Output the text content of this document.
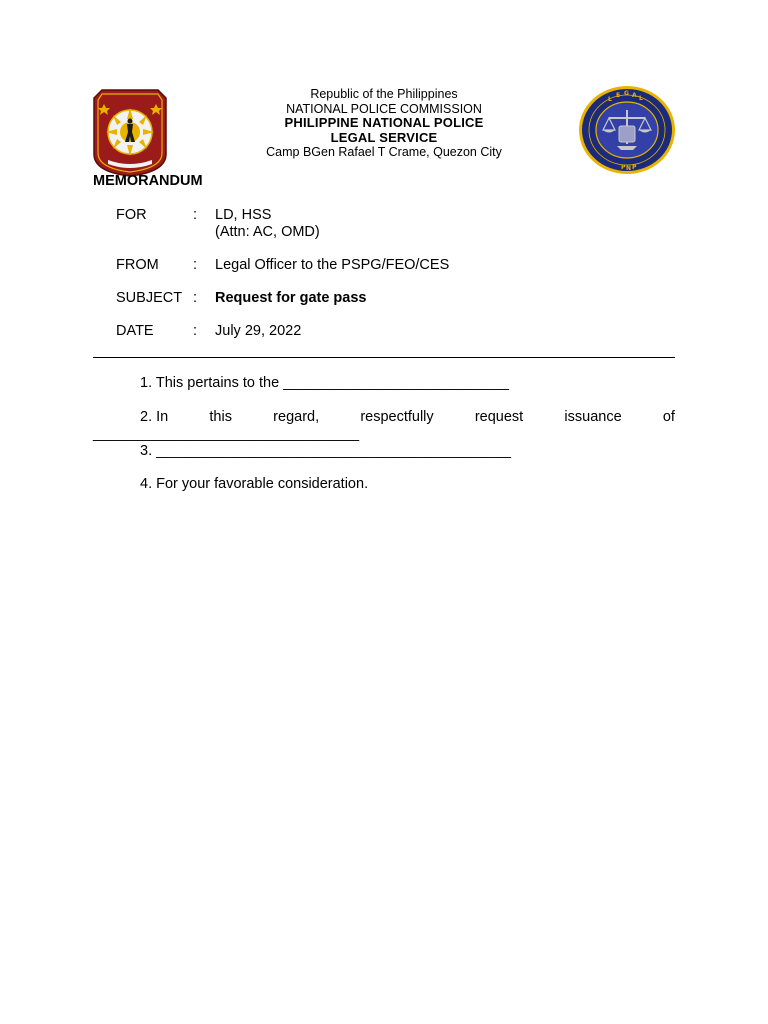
L
E G A L
P N P
Republic of the Philippines
NATIONAL POLICE COMMISSION
PHILIPPINE NATIONAL POLICE
LEGAL SERVICE
Camp BGen Rafael T Crame, Quezon City
MEMORANDUM
FOR	: LD, HSS
(Attn: AC, OMD)
FROM	: Legal Officer to the PSPG/FEO/CES
SUBJECT : Request for gate pass
DATE	: July 29, 2022
1. This pertains to the ____________________________
2. In	this	regard,	respectfully	request	issuance	of
_________________________________
3. ____________________________________________
4. For your favorable consideration.
